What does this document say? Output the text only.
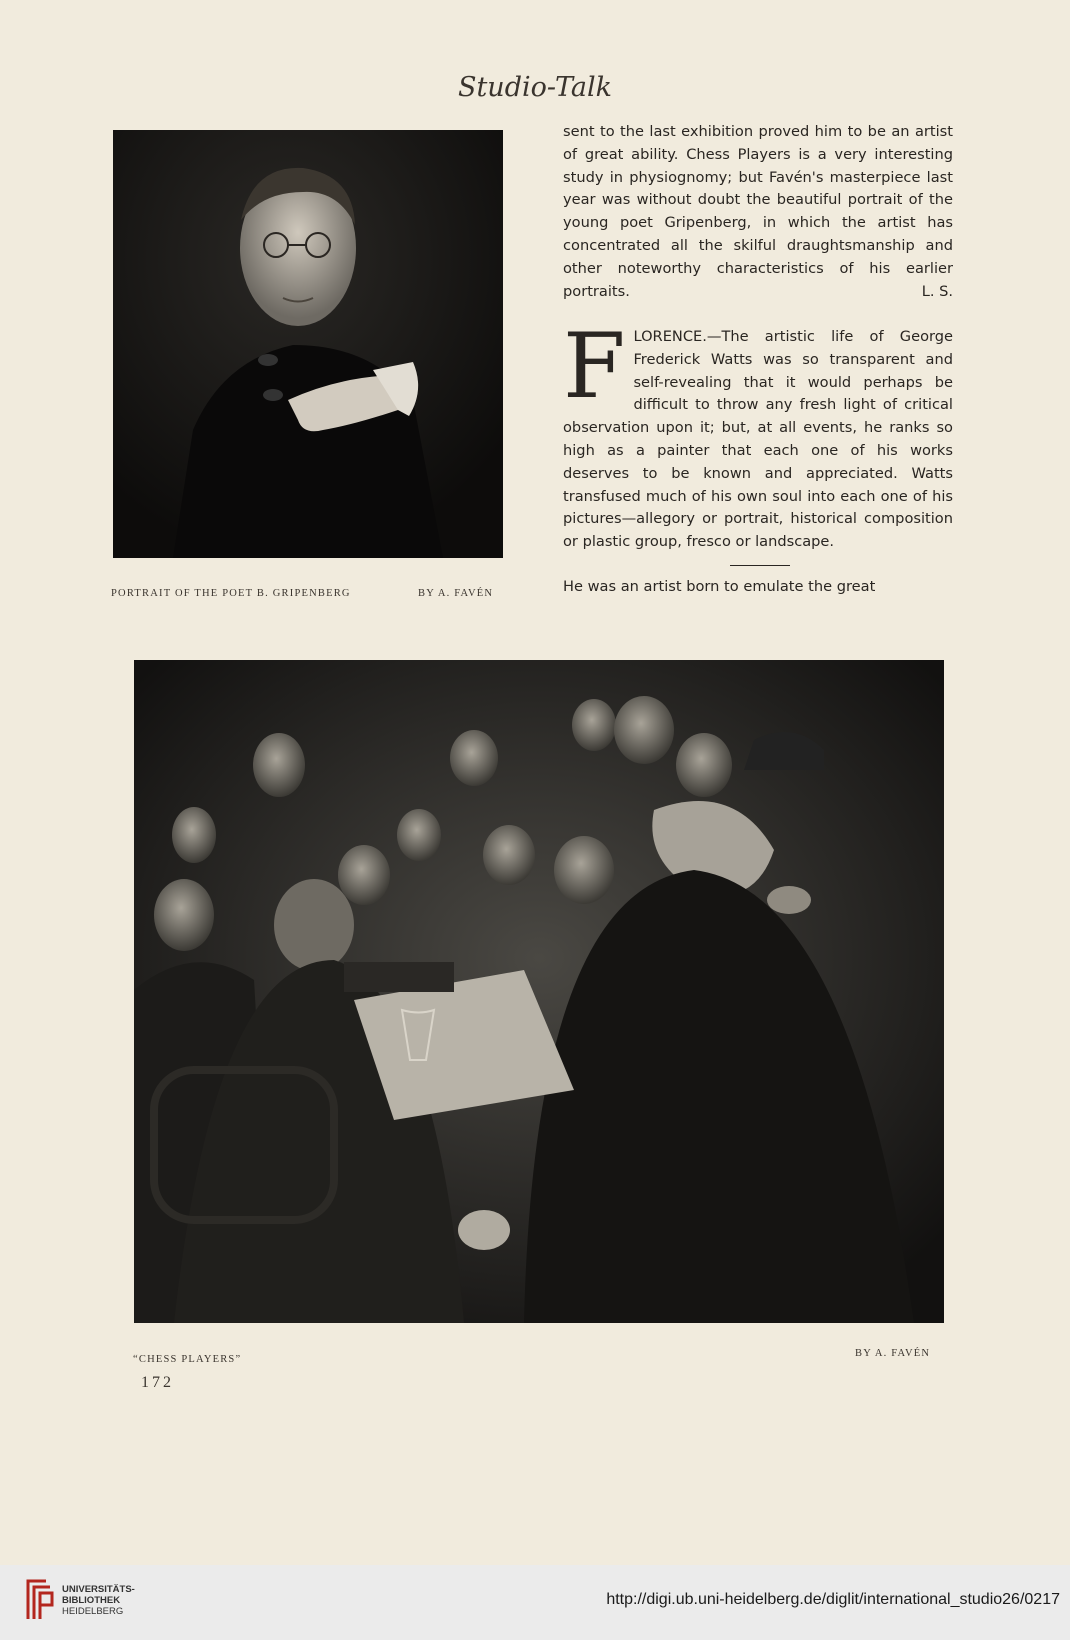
Studio-Talk
PORTRAIT OF THE POET B. GRIPENBERG	BY A. FAVÉN

sent to the last exhibition proved him to be an artist of great ability. Chess Players is a very interesting study in physiognomy; but Favén's masterpiece last year was without doubt the beautiful portrait of the young poet Gripenberg, in which the artist has concentrated all the skilful draughtsmanship and other noteworthy characteristics of his earlier portraits.	L. S.

FLORENCE.—The artistic life of George Frederick Watts was so transparent and self-revealing that it would perhaps be difficult to throw any fresh light of critical observation upon it; but, at all events, he ranks so high as a painter that each one of his works deserves to be known and appreciated. Watts transfused much of his own soul into each one of his pictures—allegory or portrait, historical composition or plastic group, fresco or landscape.

He was an artist born to emulate the great

“CHESS PLAYERS”
BY A. FAVÉN
172
UNIVERSITÄTS-
BIBLIOTHEK
HEIDELBERG
http://digi.ub.uni-heidelberg.de/diglit/international_studio26/0217
